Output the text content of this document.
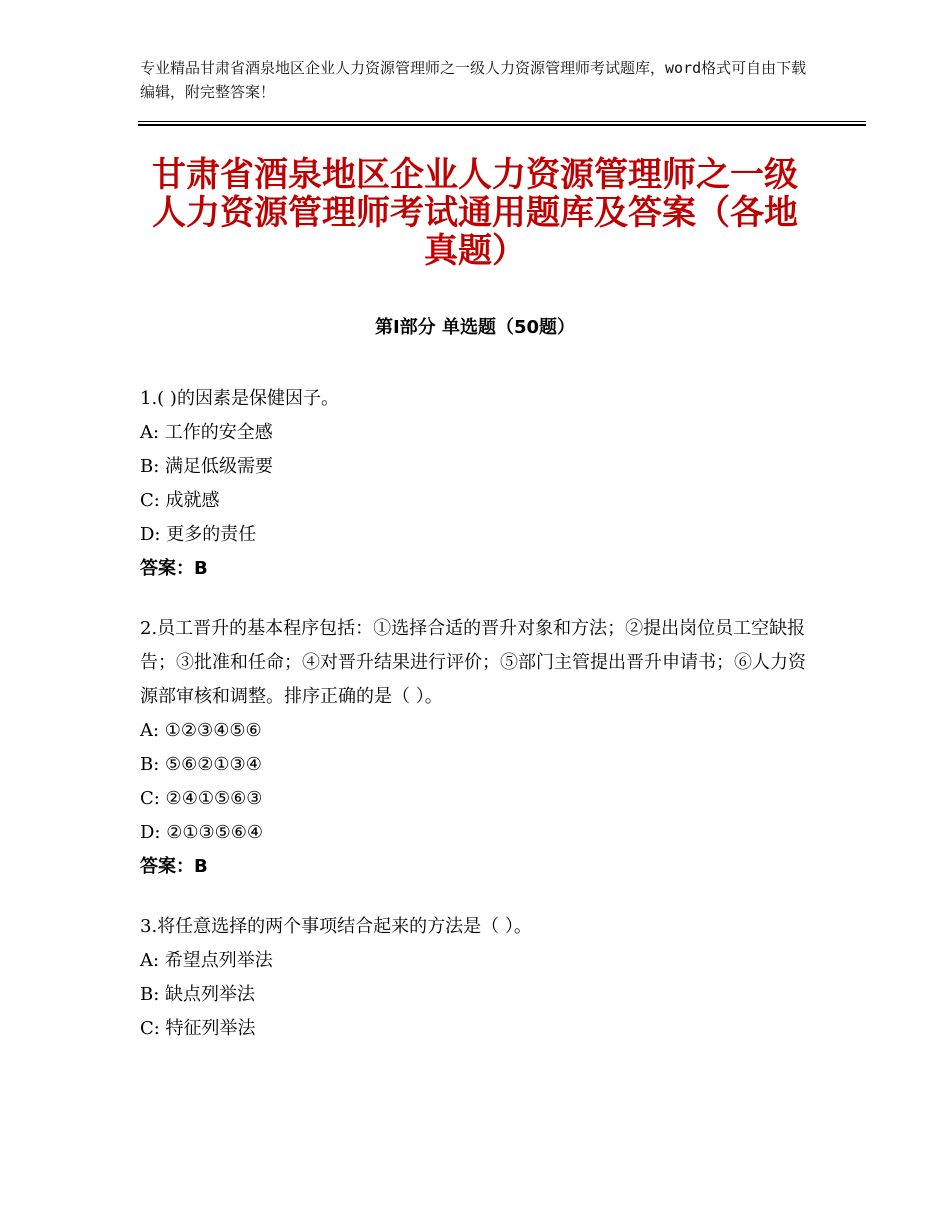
专业精品甘肃省酒泉地区企业人力资源管理师之一级人力资源管理师考试题库，word格式可自由下载编辑，附完整答案！
甘肃省酒泉地区企业人力资源管理师之一级人力资源管理师考试通用题库及答案（各地真题）
第Ⅰ部分 单选题（50题）

1.( )的因素是保健因子。

A: 工作的安全感

B: 满足低级需要

C: 成就感

D: 更多的责任

答案：B

2.员工晋升的基本程序包括：①选择合适的晋升对象和方法；②提出岗位员工空缺报告；③批准和任命；④对晋升结果进行评价；⑤部门主管提出晋升申请书；⑥人力资源部审核和调整。排序正确的是（ ）。

A: ①②③④⑤⑥

B: ⑤⑥②①③④

C: ②④①⑤⑥③

D: ②①③⑤⑥④

答案：B

3.将任意选择的两个事项结合起来的方法是（ ）。

A: 希望点列举法

B: 缺点列举法

C: 特征列举法
